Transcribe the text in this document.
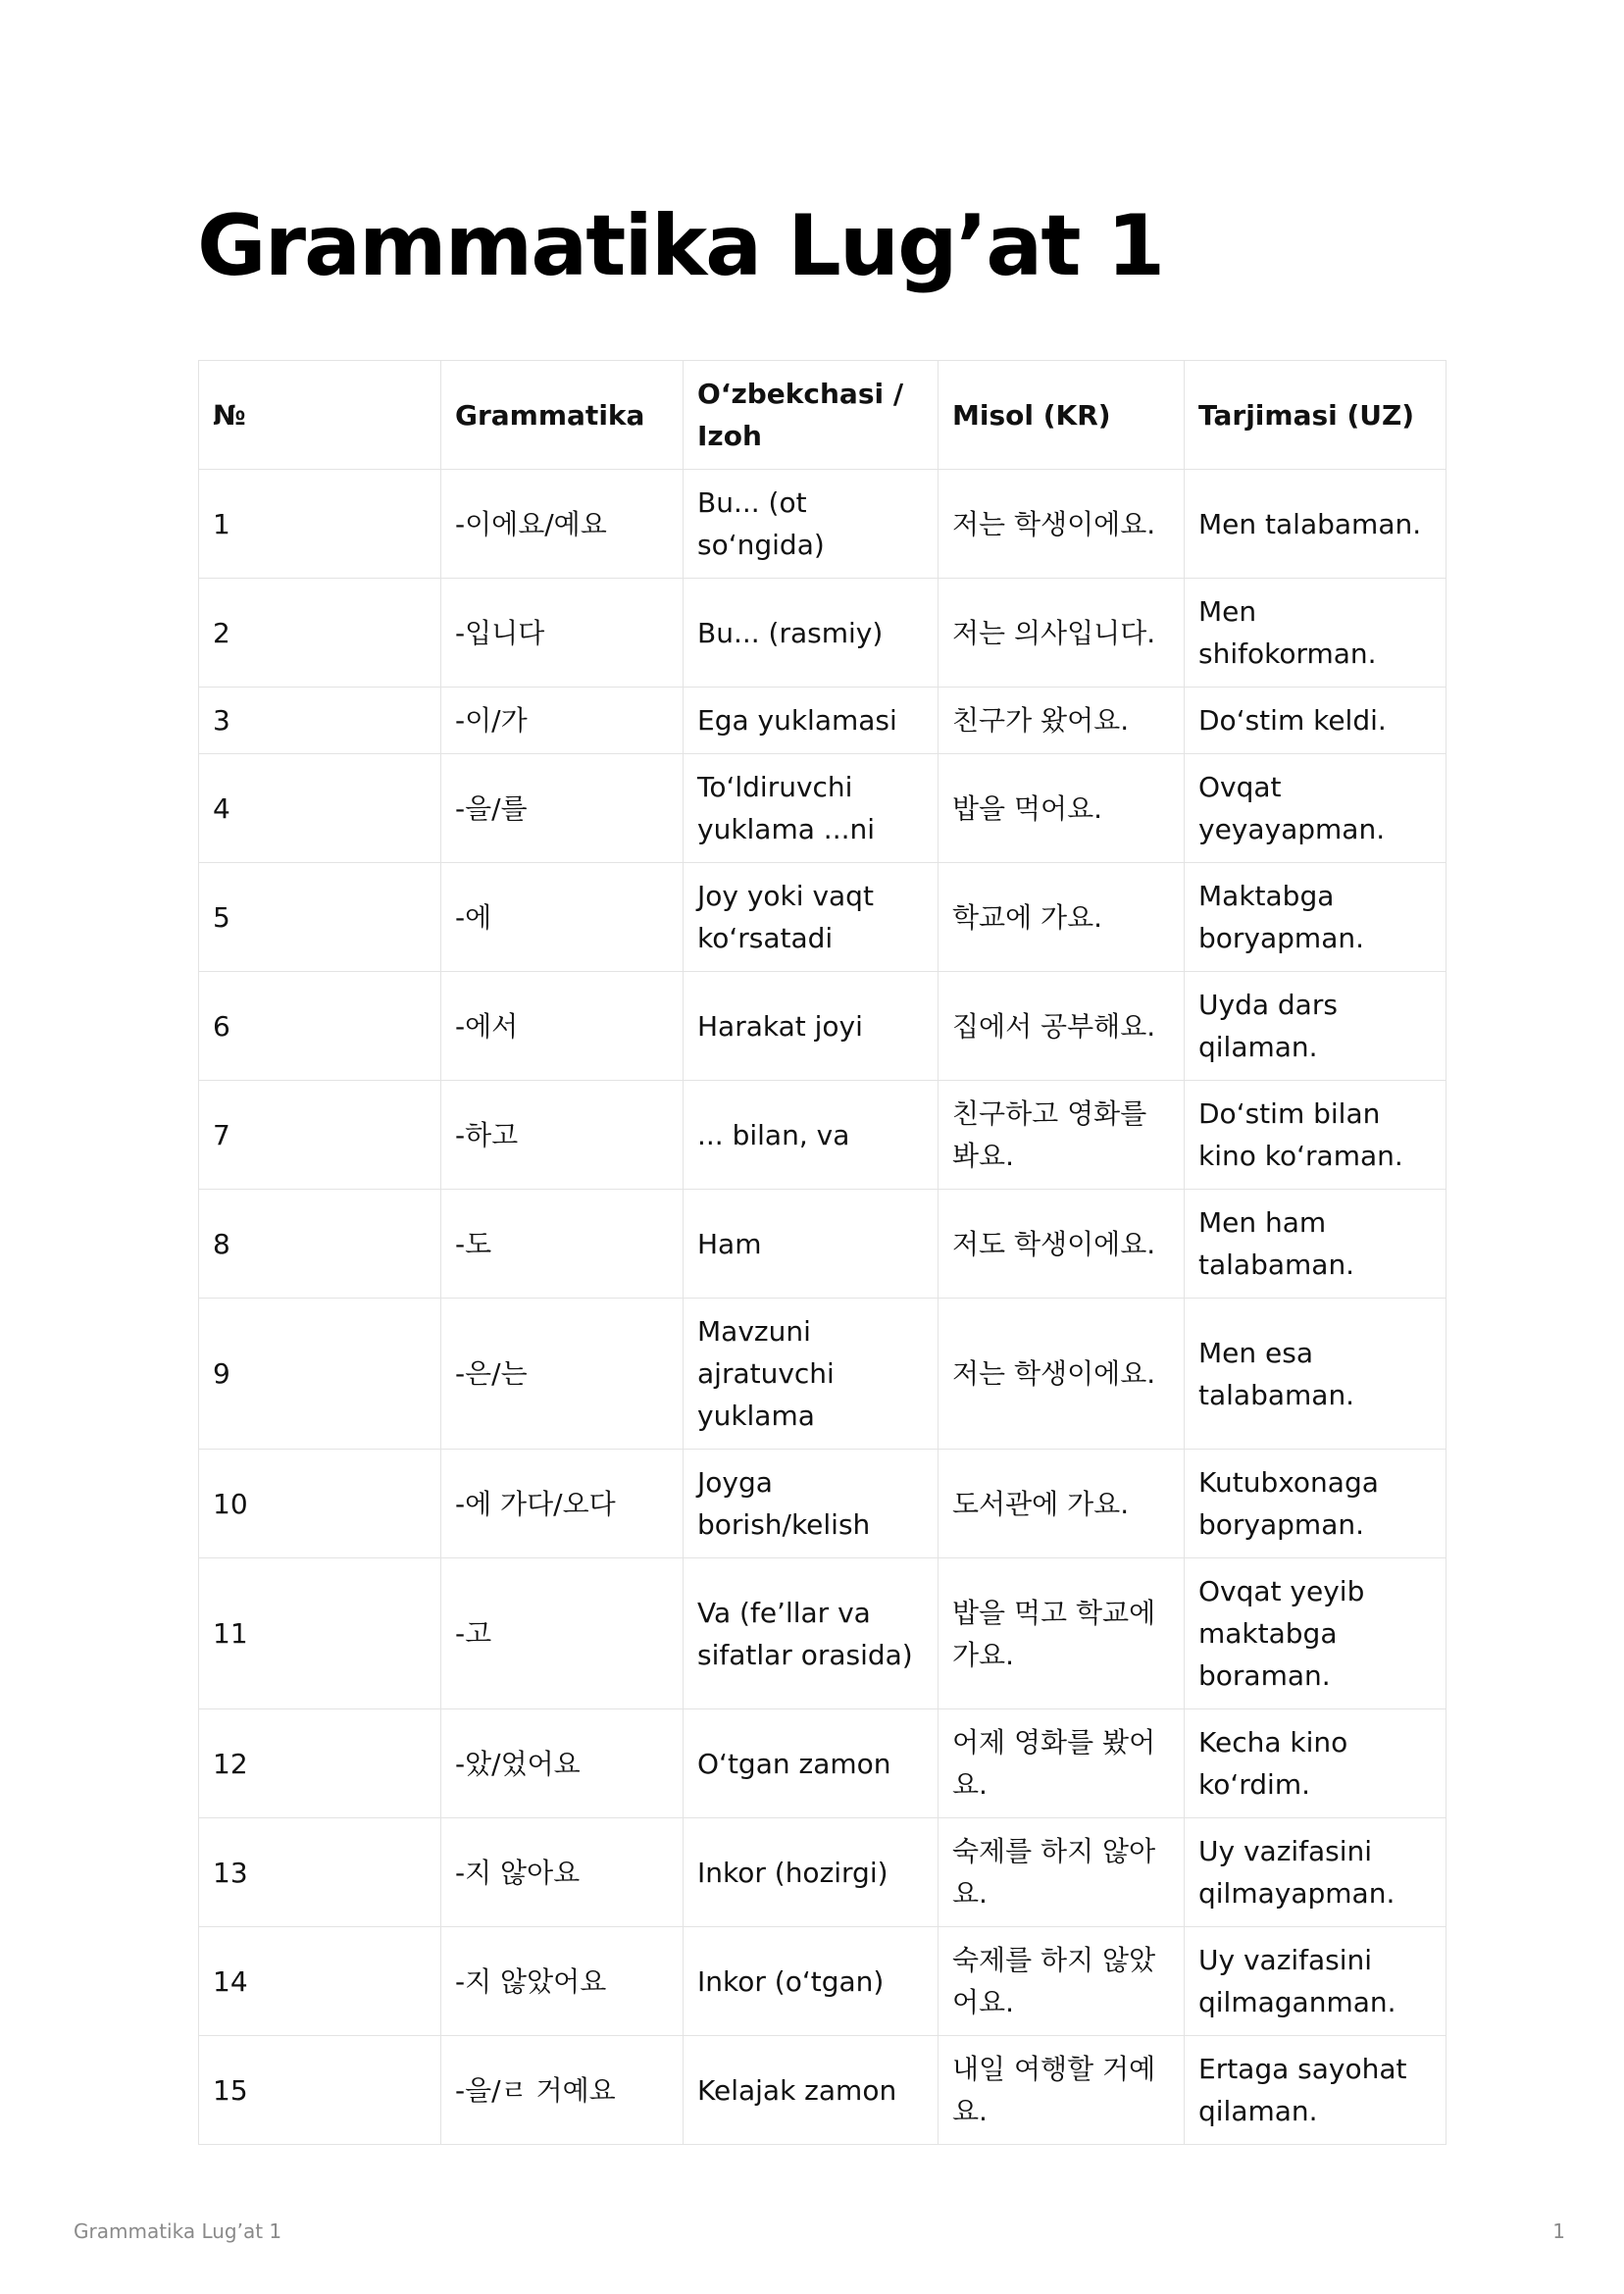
Grammatika Lug’at 1
№	Grammatika	O‘zbekchasi / Izoh	Misol (KR)	Tarjimasi (UZ)
1	-이에요/예요	Bu... (ot so‘ngida)	저는 학생이에요.	Men talabaman.
2	-입니다	Bu... (rasmiy)	저는 의사입니다.	Men shifokorman.
3	-이/가	Ega yuklamasi	친구가 왔어요.	Do‘stim keldi.
4	-을/를	To‘ldiruvchi yuklama ...ni	밥을 먹어요.	Ovqat yeyayapman.
5	-에	Joy yoki vaqt ko‘rsatadi	학교에 가요.	Maktabga boryapman.
6	-에서	Harakat joyi	집에서 공부해요.	Uyda dars qilaman.
7	-하고	... bilan, va	친구하고 영화를 봐요.	Do‘stim bilan kino ko‘raman.
8	-도	Ham	저도 학생이에요.	Men ham talabaman.
9	-은/는	Mavzuni ajratuvchi yuklama	저는 학생이에요.	Men esa talabaman.
10	-에 가다/오다	Joyga borish/kelish	도서관에 가요.	Kutubxonaga boryapman.
11	-고	Va (fe’llar va sifatlar orasida)	밥을 먹고 학교에 가요.	Ovqat yeyib maktabga boraman.
12	-았/었어요	O‘tgan zamon	어제 영화를 봤어요.	Kecha kino ko‘rdim.
13	-지 않아요	Inkor (hozirgi)	숙제를 하지 않아요.	Uy vazifasini qilmayapman.
14	-지 않았어요	Inkor (o‘tgan)	숙제를 하지 않았어요.	Uy vazifasini qilmaganman.
15	-을/ㄹ 거예요	Kelajak zamon	내일 여행할 거예요.	Ertaga sayohat qilaman.
Grammatika Lug’at 1	1
